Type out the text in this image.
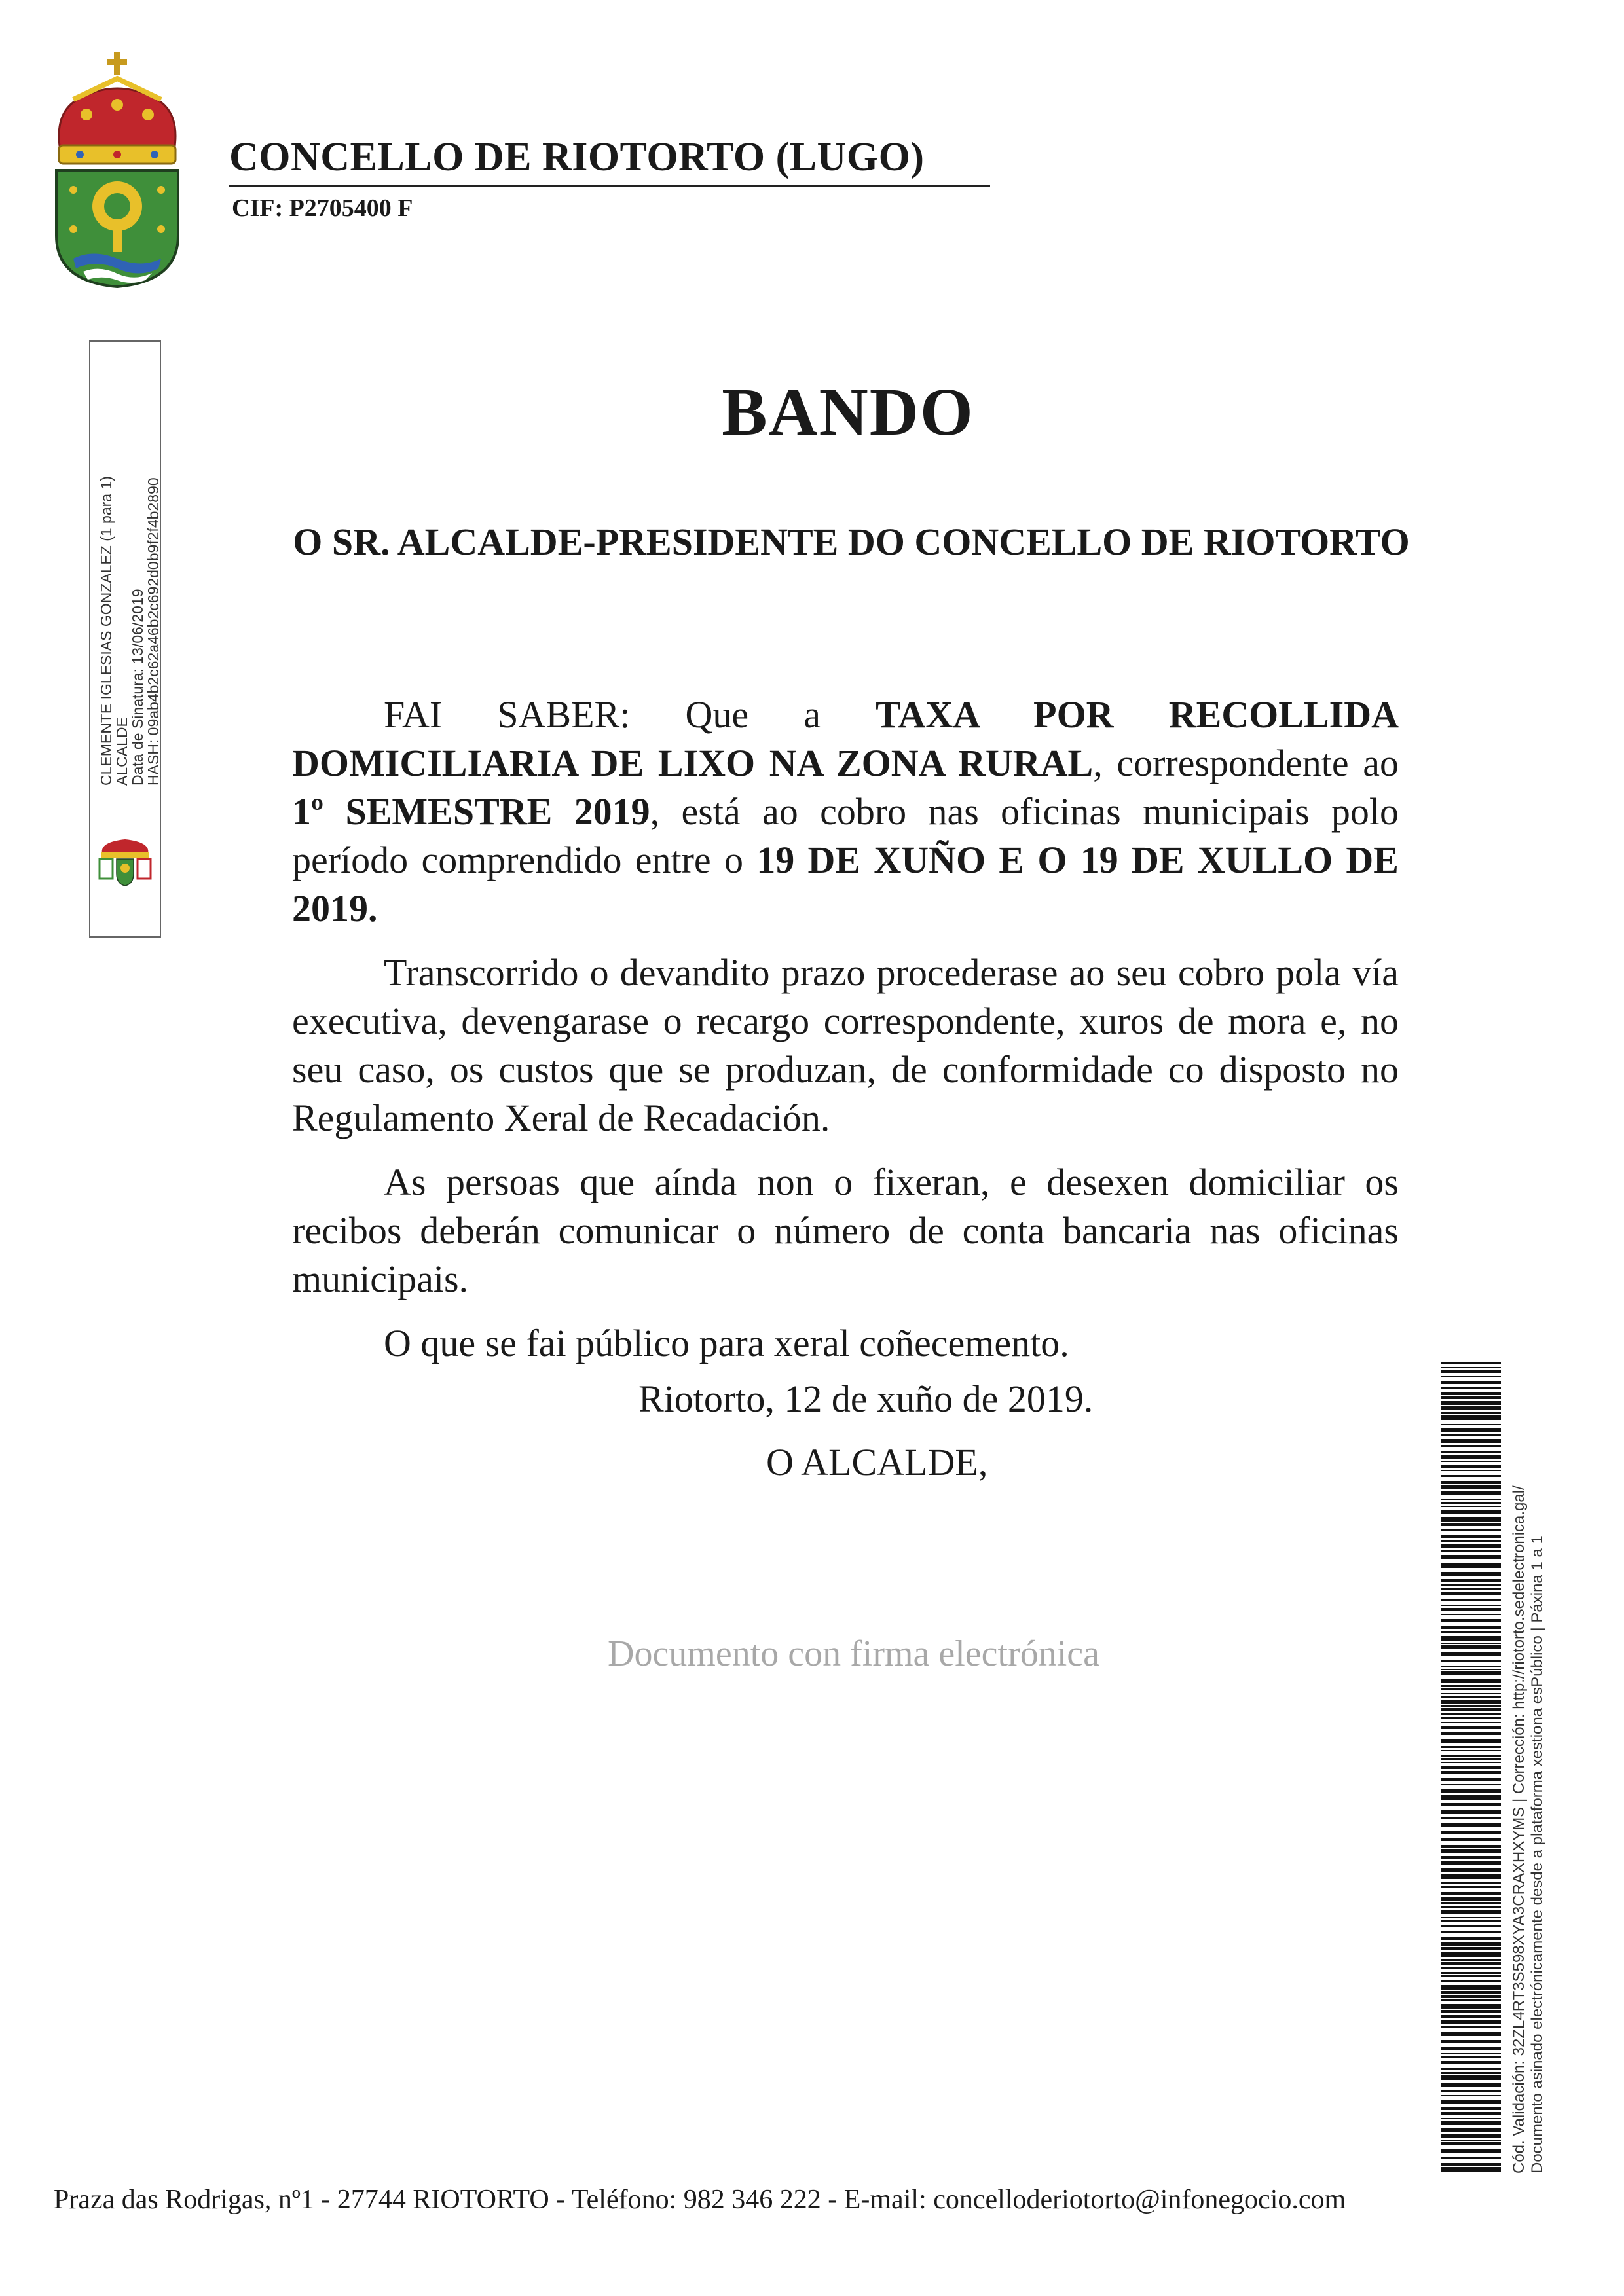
CONCELLO DE RIOTORTO (LUGO)
CIF: P2705400 F
CLEMENTE IGLESIAS GONZALEZ (1 para 1)
ALCALDE
Data de Sinatura: 13/06/2019
HASH: 09ab4b2c62a46b2c692d0b9f2f4b2890
BANDO
O SR. ALCALDE-PRESIDENTE DO CONCELLO DE RIOTORTO

FAI SABER: Que a TAXA POR RECOLLIDA DOMICILIARIA DE LIXO NA ZONA RURAL, correspondente ao 1º SEMESTRE 2019, está ao cobro nas oficinas municipais polo período comprendido entre o 19 DE XUÑO E O 19 DE XULLO DE 2019.

Transcorrido o devandito prazo procederase ao seu cobro pola vía executiva, devengarase o recargo correspondente, xuros de mora e, no seu caso, os custos que se produzan, de conformidade co disposto no Regulamento Xeral de Recadación.

As persoas que aínda non o fixeran, e desexen domiciliar os recibos deberán comunicar o número de conta bancaria nas oficinas municipais.

O que se fai público para xeral coñecemento.

Riotorto, 12 de xuño de 2019.
O ALCALDE,
Documento con firma electrónica	Cód. Validación: 32ZL4RT3S598XYA3CRAXHXYMS | Corrección: http://riotorto.sedelectronica.gal/ Documento asinado electrónicamente desde a plataforma xestiona esPúblico | Páxina 1 a 1
Praza das Rodrigas, nº1 - 27744 RIOTORTO - Teléfono: 982 346 222 - E-mail: concelloderiotorto@infonegocio.com
